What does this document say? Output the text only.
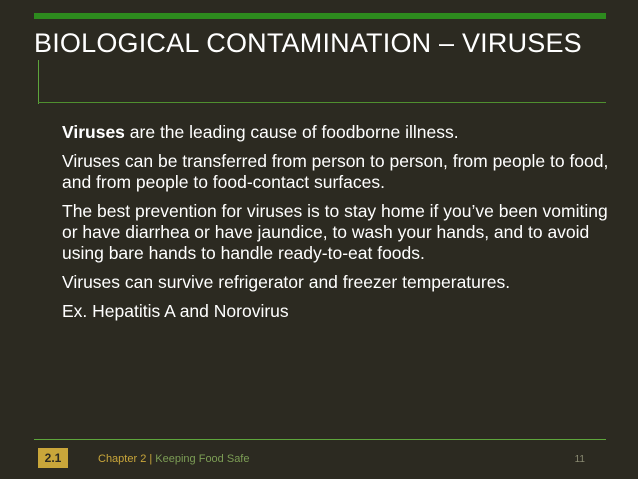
BIOLOGICAL CONTAMINATION – VIRUSES

Viruses are the leading cause of foodborne illness.

Viruses can be transferred from person to person, from people to food, and from people to food-contact surfaces.

The best prevention for viruses is to stay home if you’ve been vomiting or have diarrhea or have jaundice, to wash your hands, and to avoid using bare hands to handle ready-to-eat foods.

Viruses can survive refrigerator and freezer temperatures.

Ex. Hepatitis A and Norovirus

2.1	Chapter 2 | Keeping Food Safe	11
